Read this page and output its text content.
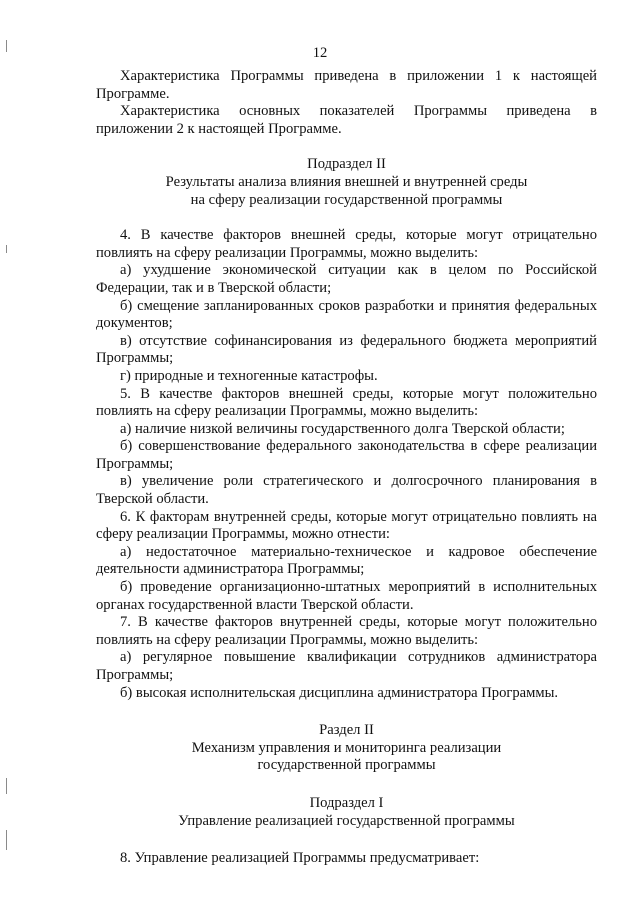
12

Характеристика Программы приведена в приложении 1 к настоящей Программе.

Характеристика основных показателей Программы приведена в приложении 2 к настоящей Программе.

Подраздел II

Результаты анализа влияния внешней и внутренней среды

на сферу реализации государственной программы

4. В качестве факторов внешней среды, которые могут отрицательно повлиять на сферу реализации Программы, можно выделить:

а) ухудшение экономической ситуации как в целом по Российской Федерации, так и в Тверской области;

б) смещение запланированных сроков разработки и принятия федеральных документов;

в) отсутствие софинансирования из федерального бюджета мероприятий Программы;

г) природные и техногенные катастрофы.

5. В качестве факторов внешней среды, которые могут положительно повлиять на сферу реализации Программы, можно выделить:

а) наличие низкой величины государственного долга Тверской области;

б) совершенствование федерального законодательства в сфере реализации Программы;

в) увеличение роли стратегического и долгосрочного планирования в Тверской области.

6. К факторам внутренней среды, которые могут отрицательно повлиять на сферу реализации Программы, можно отнести:

а) недостаточное материально-техническое и кадровое обеспечение деятельности администратора Программы;

б) проведение организационно-штатных мероприятий в исполнительных органах государственной власти Тверской области.

7. В качестве факторов внутренней среды, которые могут положительно повлиять на сферу реализации Программы, можно выделить:

а) регулярное повышение квалификации сотрудников администратора Программы;

б) высокая исполнительская дисциплина администратора Программы.

Раздел II

Механизм управления и мониторинга реализации

государственной программы

Подраздел I

Управление реализацией государственной программы

8. Управление реализацией Программы предусматривает:
